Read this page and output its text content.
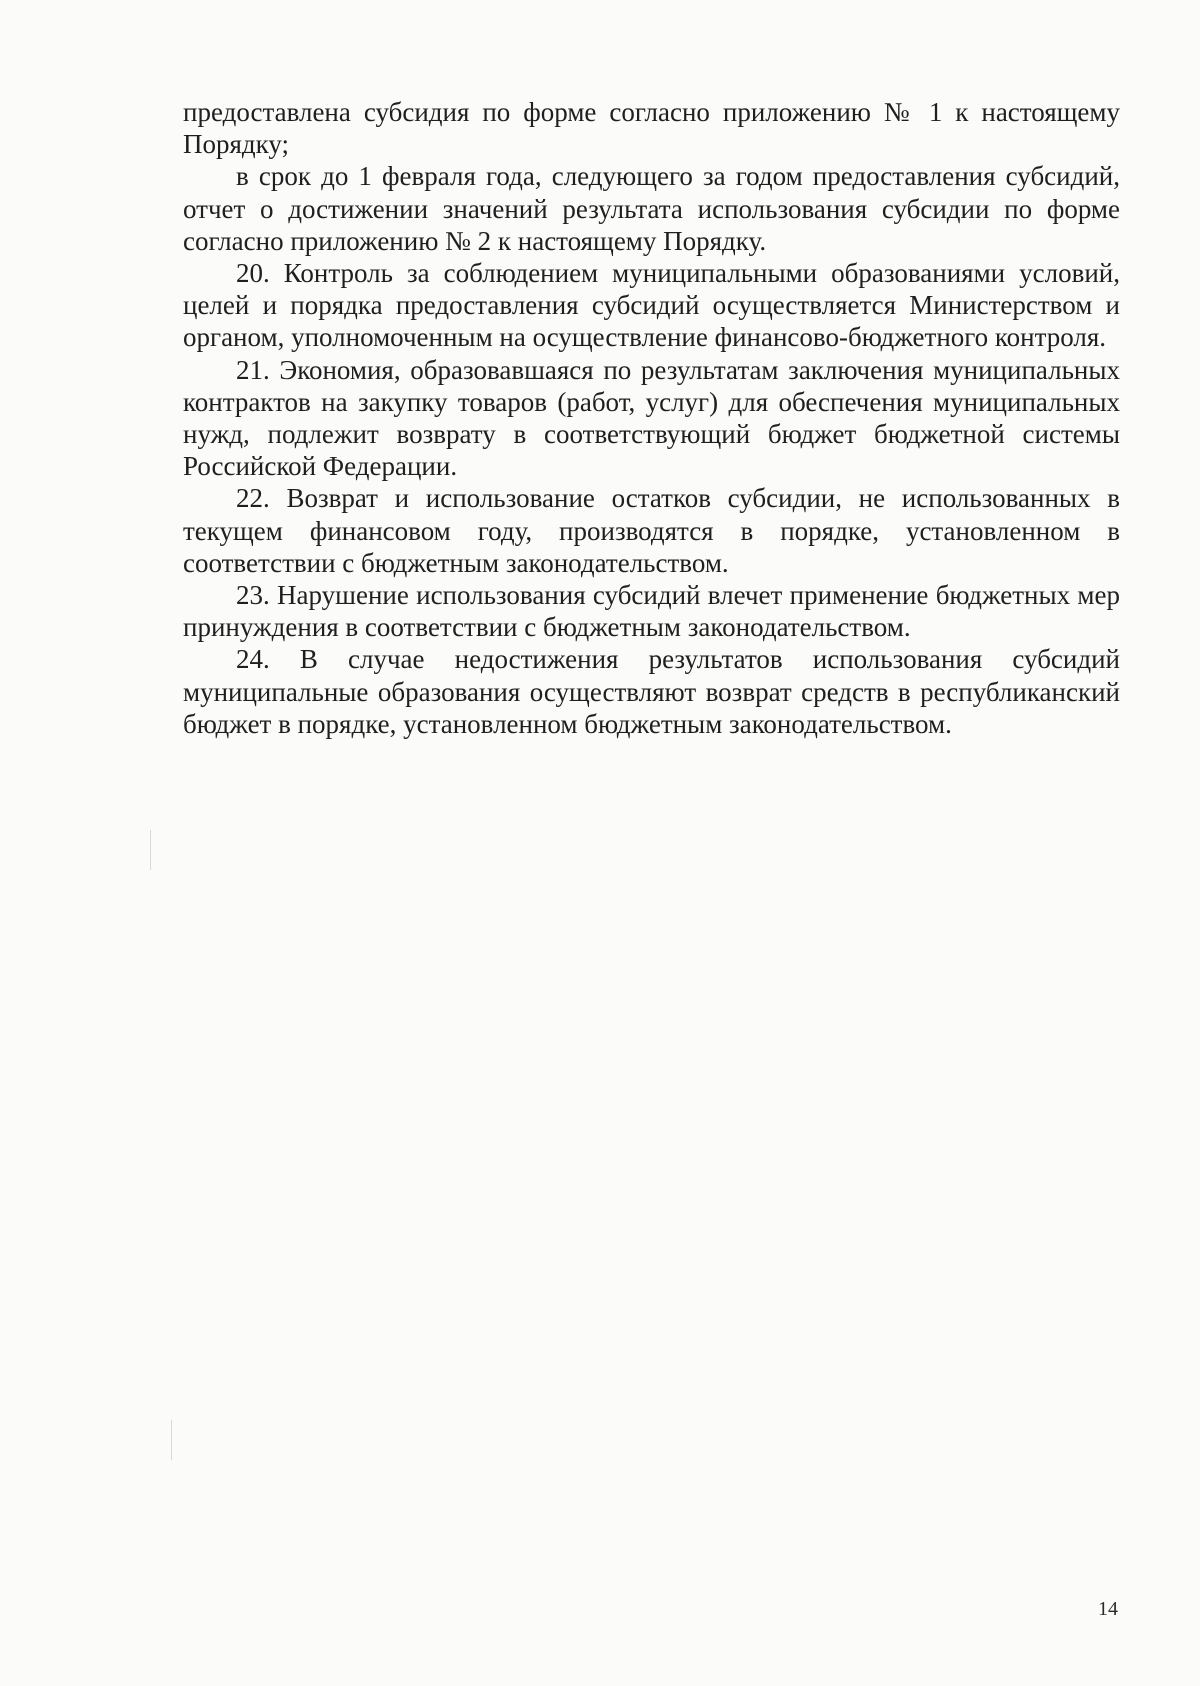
предоставлена субсидия по форме согласно приложению № 1 к настоящему Порядку;

в срок до 1 февраля года, следующего за годом предоставления субсидий, отчет о достижении значений результата использования субсидии по форме согласно приложению № 2 к настоящему Порядку.

20. Контроль за соблюдением муниципальными образованиями условий, целей и порядка предоставления субсидий осуществляется Министерством и органом, уполномоченным на осуществление финансово-бюджетного контроля.

21. Экономия, образовавшаяся по результатам заключения муниципальных контрактов на закупку товаров (работ, услуг) для обеспечения муниципальных нужд, подлежит возврату в соответствующий бюджет бюджетной системы Российской Федерации.

22. Возврат и использование остатков субсидии, не использованных в текущем финансовом году, производятся в порядке, установленном в соответствии с бюджетным законодательством.

23. Нарушение использования субсидий влечет применение бюджетных мер принуждения в соответствии с бюджетным законодательством.

24. В случае недостижения результатов использования субсидий муниципальные образования осуществляют возврат средств в республиканский бюджет в порядке, установленном бюджетным законодательством.

14
